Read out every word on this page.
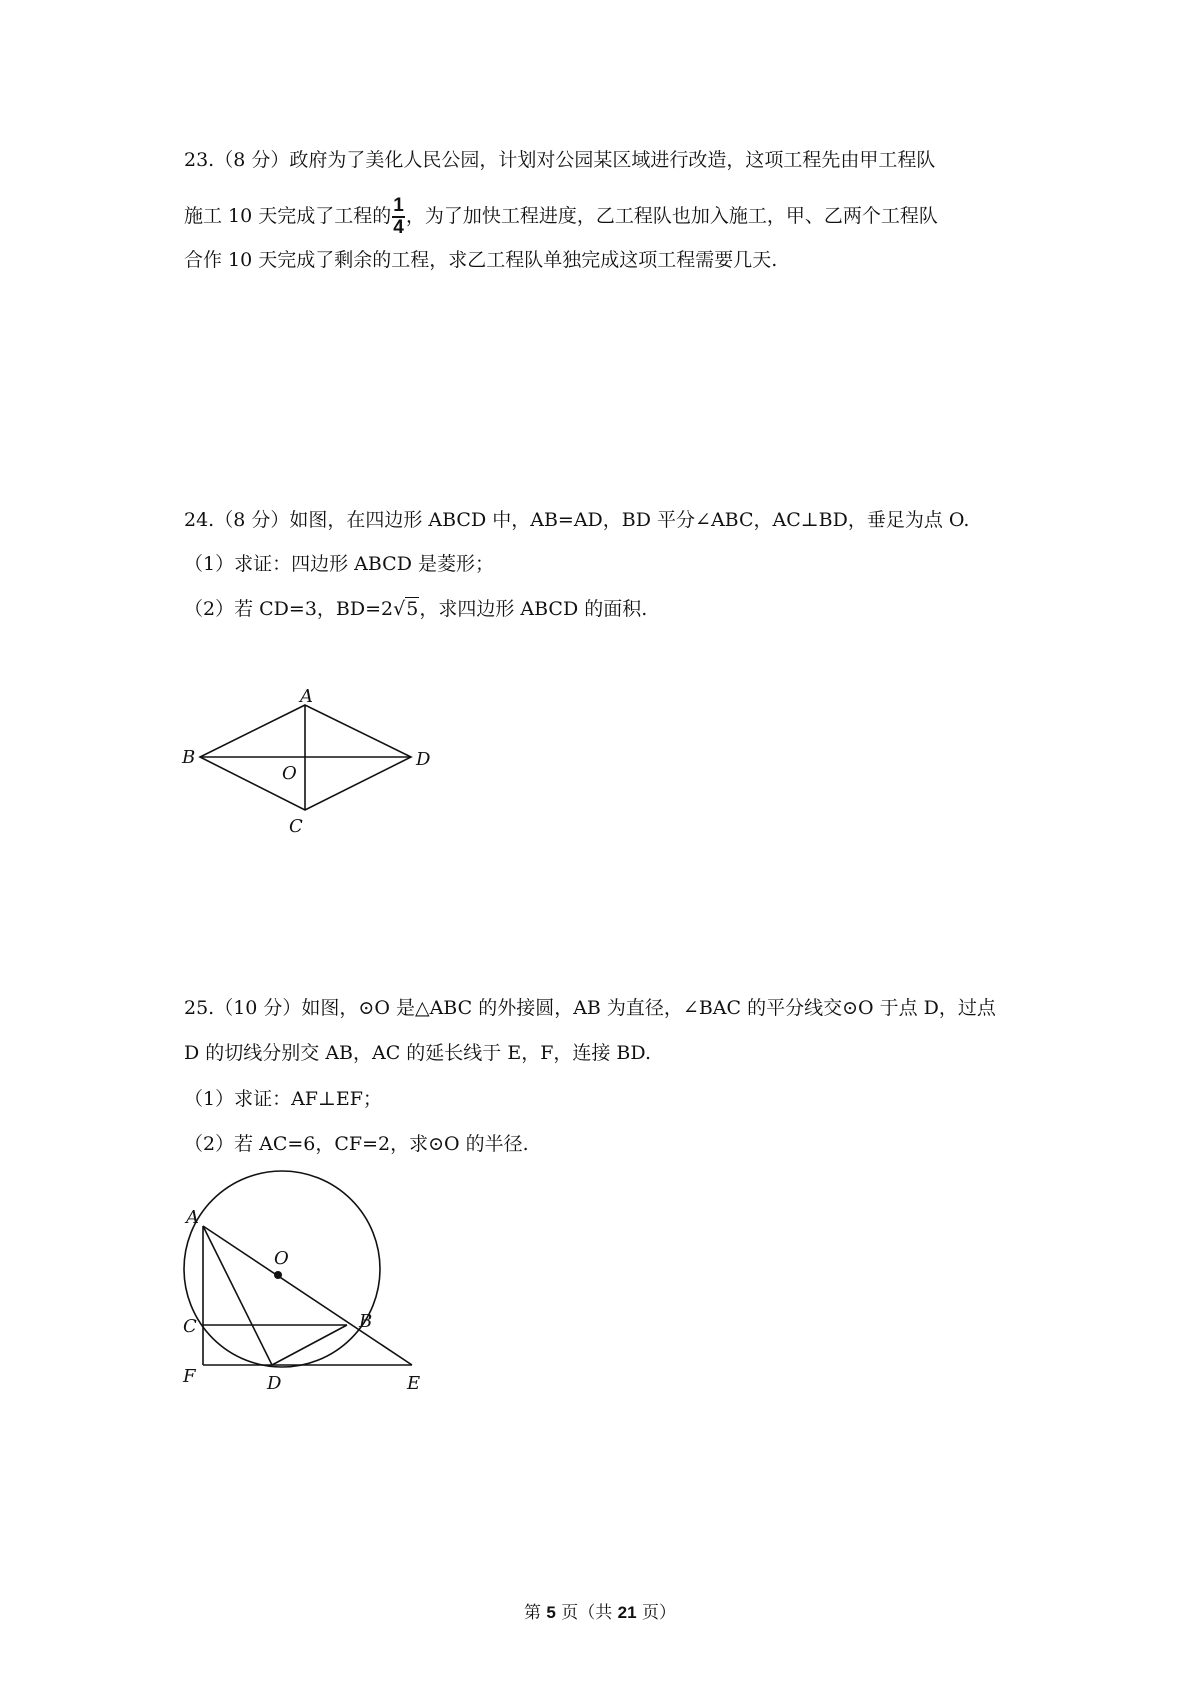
23.（8 分）政府为了美化人民公园，计划对公园某区域进行改造，这项工程先由甲工程队
施工 10 天完成了工程的 $\frac{1}{4}$ ，为了加快工程进度，乙工程队也加入施工，甲、乙两个工程队
合作 10 天完成了剩余的工程，求乙工程队单独完成这项工程需要几天.
24.（8 分）如图，在四边形 ABCD 中，AB=AD，BD 平分∠ABC，AC⊥BD，垂足为点 O.
（1）求证：四边形 ABCD 是菱形；
（2）若 CD=3，BD=2√5，求四边形 ABCD 的面积.
A
B
O
D
C
25.（10 分）如图，⊙O 是△ABC 的外接圆，AB 为直径，∠BAC 的平分线交⊙O 于点 D，过点
D 的切线分别交 AB，AC 的延长线于 E，F，连接 BD.
（1）求证：AF⊥EF；
（2）若 AC=6，CF=2，求⊙O 的半径.
A
O
B
C
F	D	E
第 5 页（共 21 页）
